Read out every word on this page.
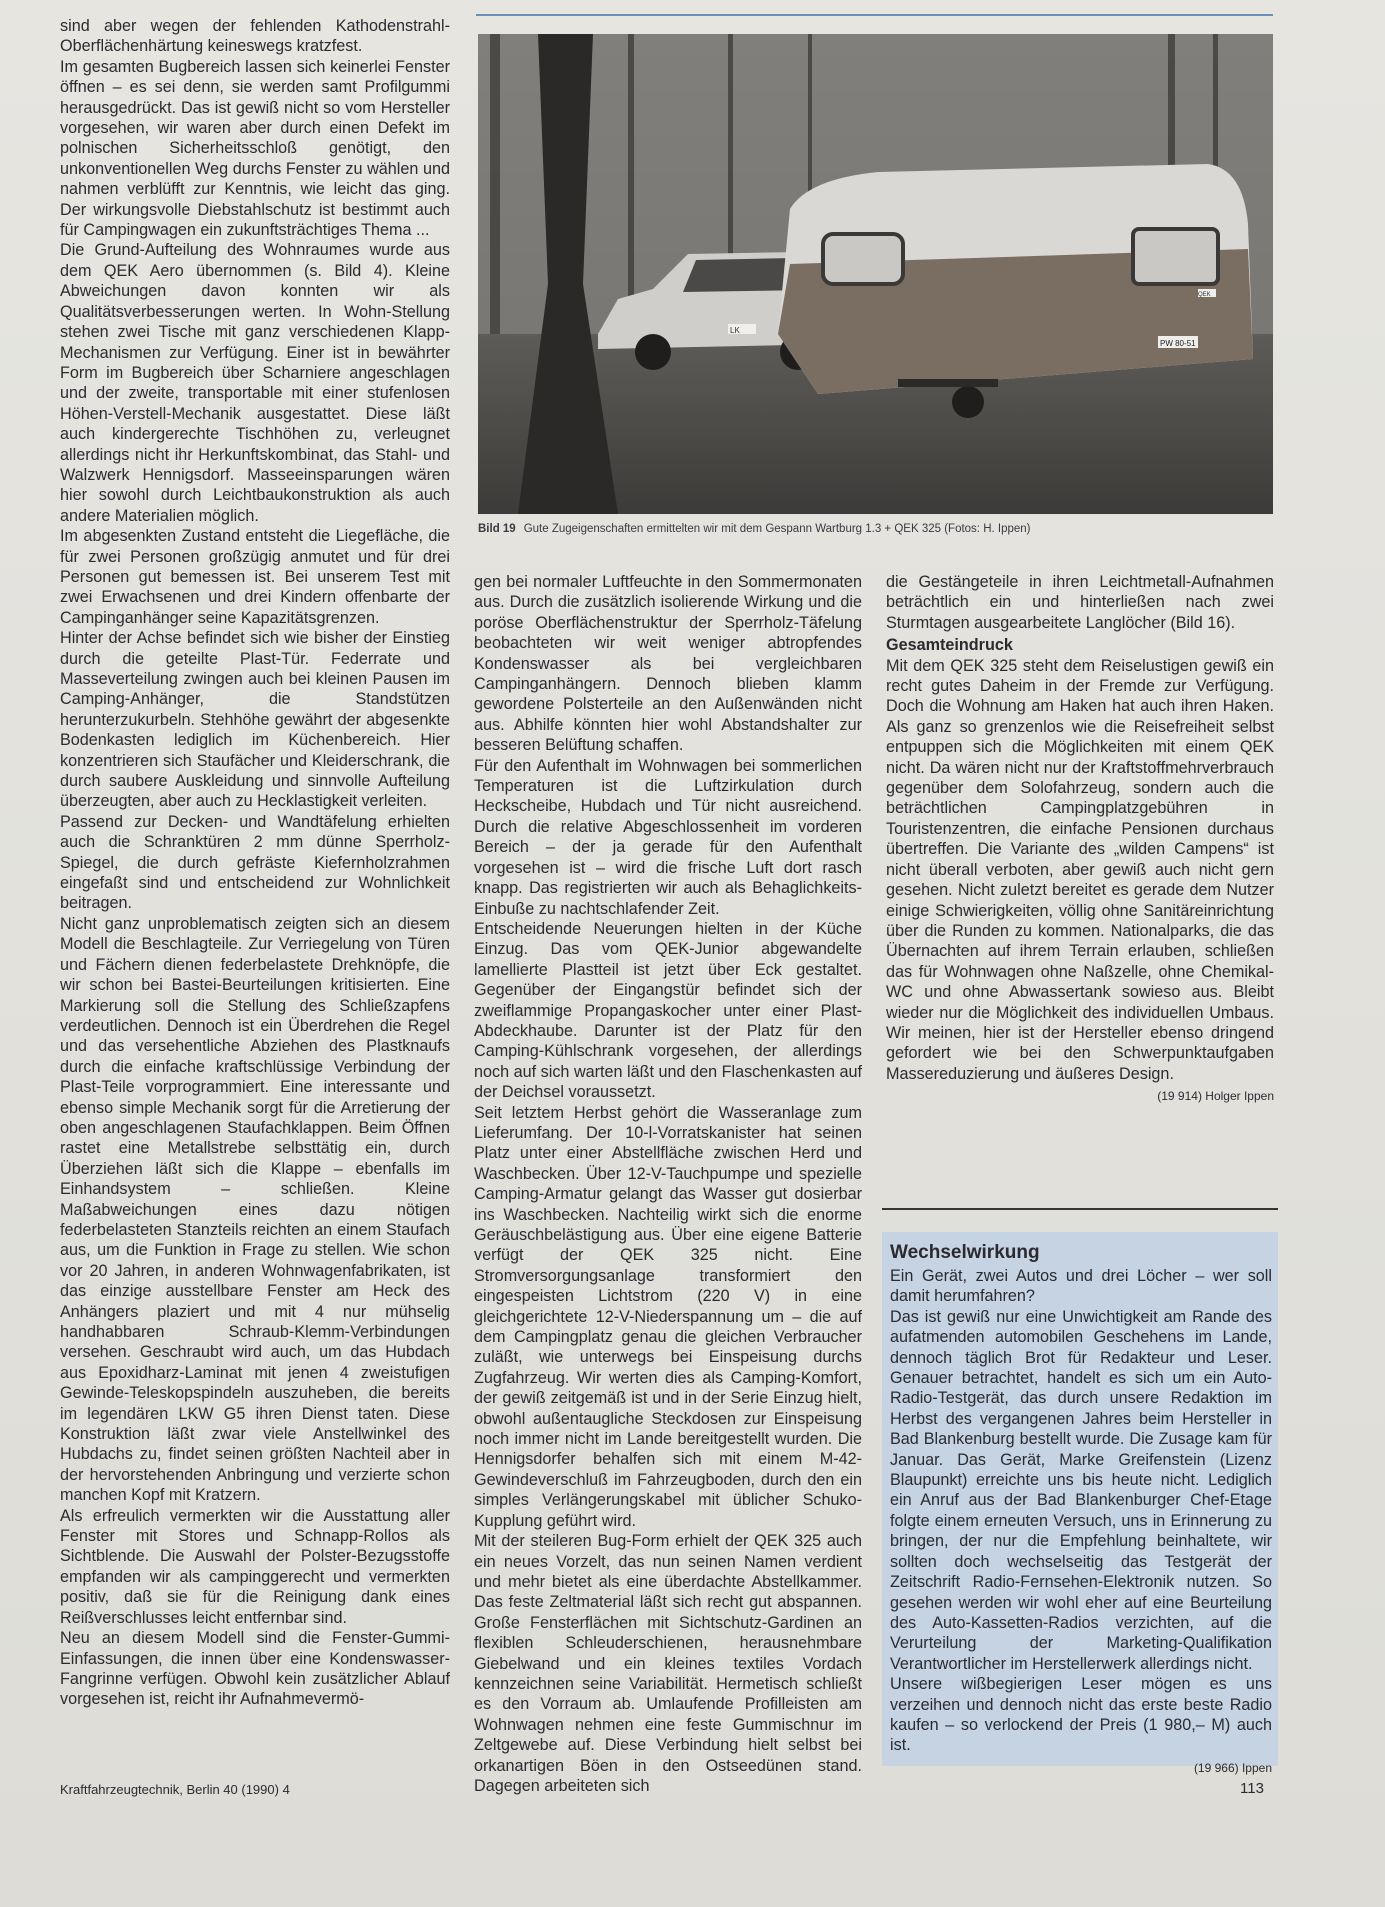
sind aber wegen der fehlenden Kathodenstrahl-Oberflächenhärtung keineswegs kratzfest.

Im gesamten Bugbereich lassen sich keinerlei Fenster öffnen – es sei denn, sie werden samt Profilgummi herausgedrückt. Das ist gewiß nicht so vom Hersteller vorgesehen, wir waren aber durch einen Defekt im polnischen Sicherheitsschloß genötigt, den unkonventionellen Weg durchs Fenster zu wählen und nahmen verblüfft zur Kenntnis, wie leicht das ging. Der wirkungsvolle Diebstahlschutz ist bestimmt auch für Campingwagen ein zukunftsträchtiges Thema ...

Die Grund-Aufteilung des Wohnraumes wurde aus dem QEK Aero übernommen (s. Bild 4). Kleine Abweichungen davon konnten wir als Qualitätsverbesserungen werten. In Wohn-Stellung stehen zwei Tische mit ganz verschiedenen Klapp-Mechanismen zur Verfügung. Einer ist in bewährter Form im Bugbereich über Scharniere angeschlagen und der zweite, transportable mit einer stufenlosen Höhen-Verstell-Mechanik ausgestattet. Diese läßt auch kindergerechte Tischhöhen zu, verleugnet allerdings nicht ihr Herkunftskombinat, das Stahl- und Walzwerk Hennigsdorf. Masseeinsparungen wären hier sowohl durch Leichtbaukonstruktion als auch andere Materialien möglich.

Im abgesenkten Zustand entsteht die Liegefläche, die für zwei Personen großzügig anmutet und für drei Personen gut bemessen ist. Bei unserem Test mit zwei Erwachsenen und drei Kindern offenbarte der Campinganhänger seine Kapazitätsgrenzen.

Hinter der Achse befindet sich wie bisher der Einstieg durch die geteilte Plast-Tür. Federrate und Masseverteilung zwingen auch bei kleinen Pausen im Camping-Anhänger, die Standstützen herunterzukurbeln. Stehhöhe gewährt der abgesenkte Bodenkasten lediglich im Küchenbereich. Hier konzentrieren sich Staufächer und Kleiderschrank, die durch saubere Auskleidung und sinnvolle Aufteilung überzeugten, aber auch zu Hecklastigkeit verleiten.

Passend zur Decken- und Wandtäfelung erhielten auch die Schranktüren 2 mm dünne Sperrholz-Spiegel, die durch gefräste Kiefernholzrahmen eingefaßt sind und entscheidend zur Wohnlichkeit beitragen.

Nicht ganz unproblematisch zeigten sich an diesem Modell die Beschlagteile. Zur Verriegelung von Türen und Fächern dienen federbelastete Drehknöpfe, die wir schon bei Bastei-Beurteilungen kritisierten. Eine Markierung soll die Stellung des Schließzapfens verdeutlichen. Dennoch ist ein Überdrehen die Regel und das versehentliche Abziehen des Plastknaufs durch die einfache kraftschlüssige Verbindung der Plast-Teile vorprogrammiert. Eine interessante und ebenso simple Mechanik sorgt für die Arretierung der oben angeschlagenen Staufachklappen. Beim Öffnen rastet eine Metallstrebe selbsttätig ein, durch Überziehen läßt sich die Klappe – ebenfalls im Einhandsystem – schließen. Kleine Maßabweichungen eines dazu nötigen federbelasteten Stanzteils reichten an einem Staufach aus, um die Funktion in Frage zu stellen. Wie schon vor 20 Jahren, in anderen Wohnwagenfabrikaten, ist das einzige ausstellbare Fenster am Heck des Anhängers plaziert und mit 4 nur mühselig handhabbaren Schraub-Klemm-Verbindungen versehen. Geschraubt wird auch, um das Hubdach aus Epoxidharz-Laminat mit jenen 4 zweistufigen Gewinde-Teleskopspindeln auszuheben, die bereits im legendären LKW G5 ihren Dienst taten. Diese Konstruktion läßt zwar viele Anstellwinkel des Hubdachs zu, findet seinen größten Nachteil aber in der hervorstehenden Anbringung und verzierte schon manchen Kopf mit Kratzern.

Als erfreulich vermerkten wir die Ausstattung aller Fenster mit Stores und Schnapp-Rollos als Sichtblende. Die Auswahl der Polster-Bezugsstoffe empfanden wir als campinggerecht und vermerkten positiv, daß sie für die Reinigung dank eines Reißverschlusses leicht entfernbar sind.

Neu an diesem Modell sind die Fenster-Gummi-Einfassungen, die innen über eine Kondenswasser-Fangrinne verfügen. Obwohl kein zusätzlicher Ablauf vorgesehen ist, reicht ihr Aufnahmevermö-

LK
QEK
PW 80-51
Bild 19 Gute Zugeigenschaften ermittelten wir mit dem Gespann Wartburg 1.3 + QEK 325 (Fotos: H. Ippen)

gen bei normaler Luftfeuchte in den Sommermonaten aus. Durch die zusätzlich isolierende Wirkung und die poröse Oberflächenstruktur der Sperrholz-Täfelung beobachteten wir weit weniger abtropfendes Kondenswasser als bei vergleichbaren Campinganhängern. Dennoch blieben klamm gewordene Polsterteile an den Außenwänden nicht aus. Abhilfe könnten hier wohl Abstandshalter zur besseren Belüftung schaffen.

Für den Aufenthalt im Wohnwagen bei sommerlichen Temperaturen ist die Luftzirkulation durch Heckscheibe, Hubdach und Tür nicht ausreichend. Durch die relative Abgeschlossenheit im vorderen Bereich – der ja gerade für den Aufenthalt vorgesehen ist – wird die frische Luft dort rasch knapp. Das registrierten wir auch als Behaglichkeits-Einbuße zu nachtschlafender Zeit.

Entscheidende Neuerungen hielten in der Küche Einzug. Das vom QEK-Junior abgewandelte lamellierte Plastteil ist jetzt über Eck gestaltet. Gegenüber der Eingangstür befindet sich der zweiflammige Propangaskocher unter einer Plast-Abdeckhaube. Darunter ist der Platz für den Camping-Kühlschrank vorgesehen, der allerdings noch auf sich warten läßt und den Flaschenkasten auf der Deichsel voraussetzt.

Seit letztem Herbst gehört die Wasseranlage zum Lieferumfang. Der 10-l-Vorratskanister hat seinen Platz unter einer Abstellfläche zwischen Herd und Waschbecken. Über 12-V-Tauchpumpe und spezielle Camping-Armatur gelangt das Wasser gut dosierbar ins Waschbecken. Nachteilig wirkt sich die enorme Geräuschbelästigung aus. Über eine eigene Batterie verfügt der QEK 325 nicht. Eine Stromversorgungsanlage transformiert den eingespeisten Lichtstrom (220 V) in eine gleichgerichtete 12-V-Niederspannung um – die auf dem Campingplatz genau die gleichen Verbraucher zuläßt, wie unterwegs bei Einspeisung durchs Zugfahrzeug. Wir werten dies als Camping-Komfort, der gewiß zeitgemäß ist und in der Serie Einzug hielt, obwohl außentaugliche Steckdosen zur Einspeisung noch immer nicht im Lande bereitgestellt wurden. Die Hennigsdorfer behalfen sich mit einem M-42-Gewindeverschluß im Fahrzeugboden, durch den ein simples Verlängerungskabel mit üblicher Schuko-Kupplung geführt wird.

Mit der steileren Bug-Form erhielt der QEK 325 auch ein neues Vorzelt, das nun seinen Namen verdient und mehr bietet als eine überdachte Abstellkammer. Das feste Zeltmaterial läßt sich recht gut abspannen. Große Fensterflächen mit Sichtschutz-Gardinen an flexiblen Schleuderschienen, herausnehmbare Giebelwand und ein kleines textiles Vordach kennzeichnen seine Variabilität. Hermetisch schließt es den Vorraum ab. Umlaufende Profilleisten am Wohnwagen nehmen eine feste Gummischnur im Zeltgewebe auf. Diese Verbindung hielt selbst bei orkanartigen Böen in den Ostseedünen stand. Dagegen arbeiteten sich

die Gestängeteile in ihren Leichtmetall-Aufnahmen beträchtlich ein und hinterließen nach zwei Sturmtagen ausgearbeitete Langlöcher (Bild 16).

Gesamteindruck

Mit dem QEK 325 steht dem Reiselustigen gewiß ein recht gutes Daheim in der Fremde zur Verfügung. Doch die Wohnung am Haken hat auch ihren Haken. Als ganz so grenzenlos wie die Reisefreiheit selbst entpuppen sich die Möglichkeiten mit einem QEK nicht. Da wären nicht nur der Kraftstoffmehrverbrauch gegenüber dem Solofahrzeug, sondern auch die beträchtlichen Campingplatzgebühren in Touristenzentren, die einfache Pensionen durchaus übertreffen. Die Variante des „wilden Campens“ ist nicht überall verboten, aber gewiß auch nicht gern gesehen. Nicht zuletzt bereitet es gerade dem Nutzer einige Schwierigkeiten, völlig ohne Sanitäreinrichtung über die Runden zu kommen. Nationalparks, die das Übernachten auf ihrem Terrain erlauben, schließen das für Wohnwagen ohne Naßzelle, ohne Chemikal-WC und ohne Abwassertank sowieso aus. Bleibt wieder nur die Möglichkeit des individuellen Umbaus. Wir meinen, hier ist der Hersteller ebenso dringend gefordert wie bei den Schwerpunktaufgaben Massereduzierung und äußeres Design.

(19 914) Holger Ippen

Wechselwirkung

Ein Gerät, zwei Autos und drei Löcher – wer soll damit herumfahren?

Das ist gewiß nur eine Unwichtigkeit am Rande des aufatmenden automobilen Geschehens im Lande, dennoch täglich Brot für Redakteur und Leser. Genauer betrachtet, handelt es sich um ein Auto-Radio-Testgerät, das durch unsere Redaktion im Herbst des vergangenen Jahres beim Hersteller in Bad Blankenburg bestellt wurde. Die Zusage kam für Januar. Das Gerät, Marke Greifenstein (Lizenz Blaupunkt) erreichte uns bis heute nicht. Lediglich ein Anruf aus der Bad Blankenburger Chef-Etage folgte einem erneuten Versuch, uns in Erinnerung zu bringen, der nur die Empfehlung beinhaltete, wir sollten doch wechselseitig das Testgerät der Zeitschrift Radio-Fernsehen-Elektronik nutzen. So gesehen werden wir wohl eher auf eine Beurteilung des Auto-Kassetten-Radios verzichten, auf die Verurteilung der Marketing-Qualifikation Verantwortlicher im Herstellerwerk allerdings nicht.

Unsere wißbegierigen Leser mögen es uns verzeihen und dennoch nicht das erste beste Radio kaufen – so verlockend der Preis (1 980,– M) auch ist.

(19 966) Ippen

Kraftfahrzeugtechnik, Berlin 40 (1990) 4	113
